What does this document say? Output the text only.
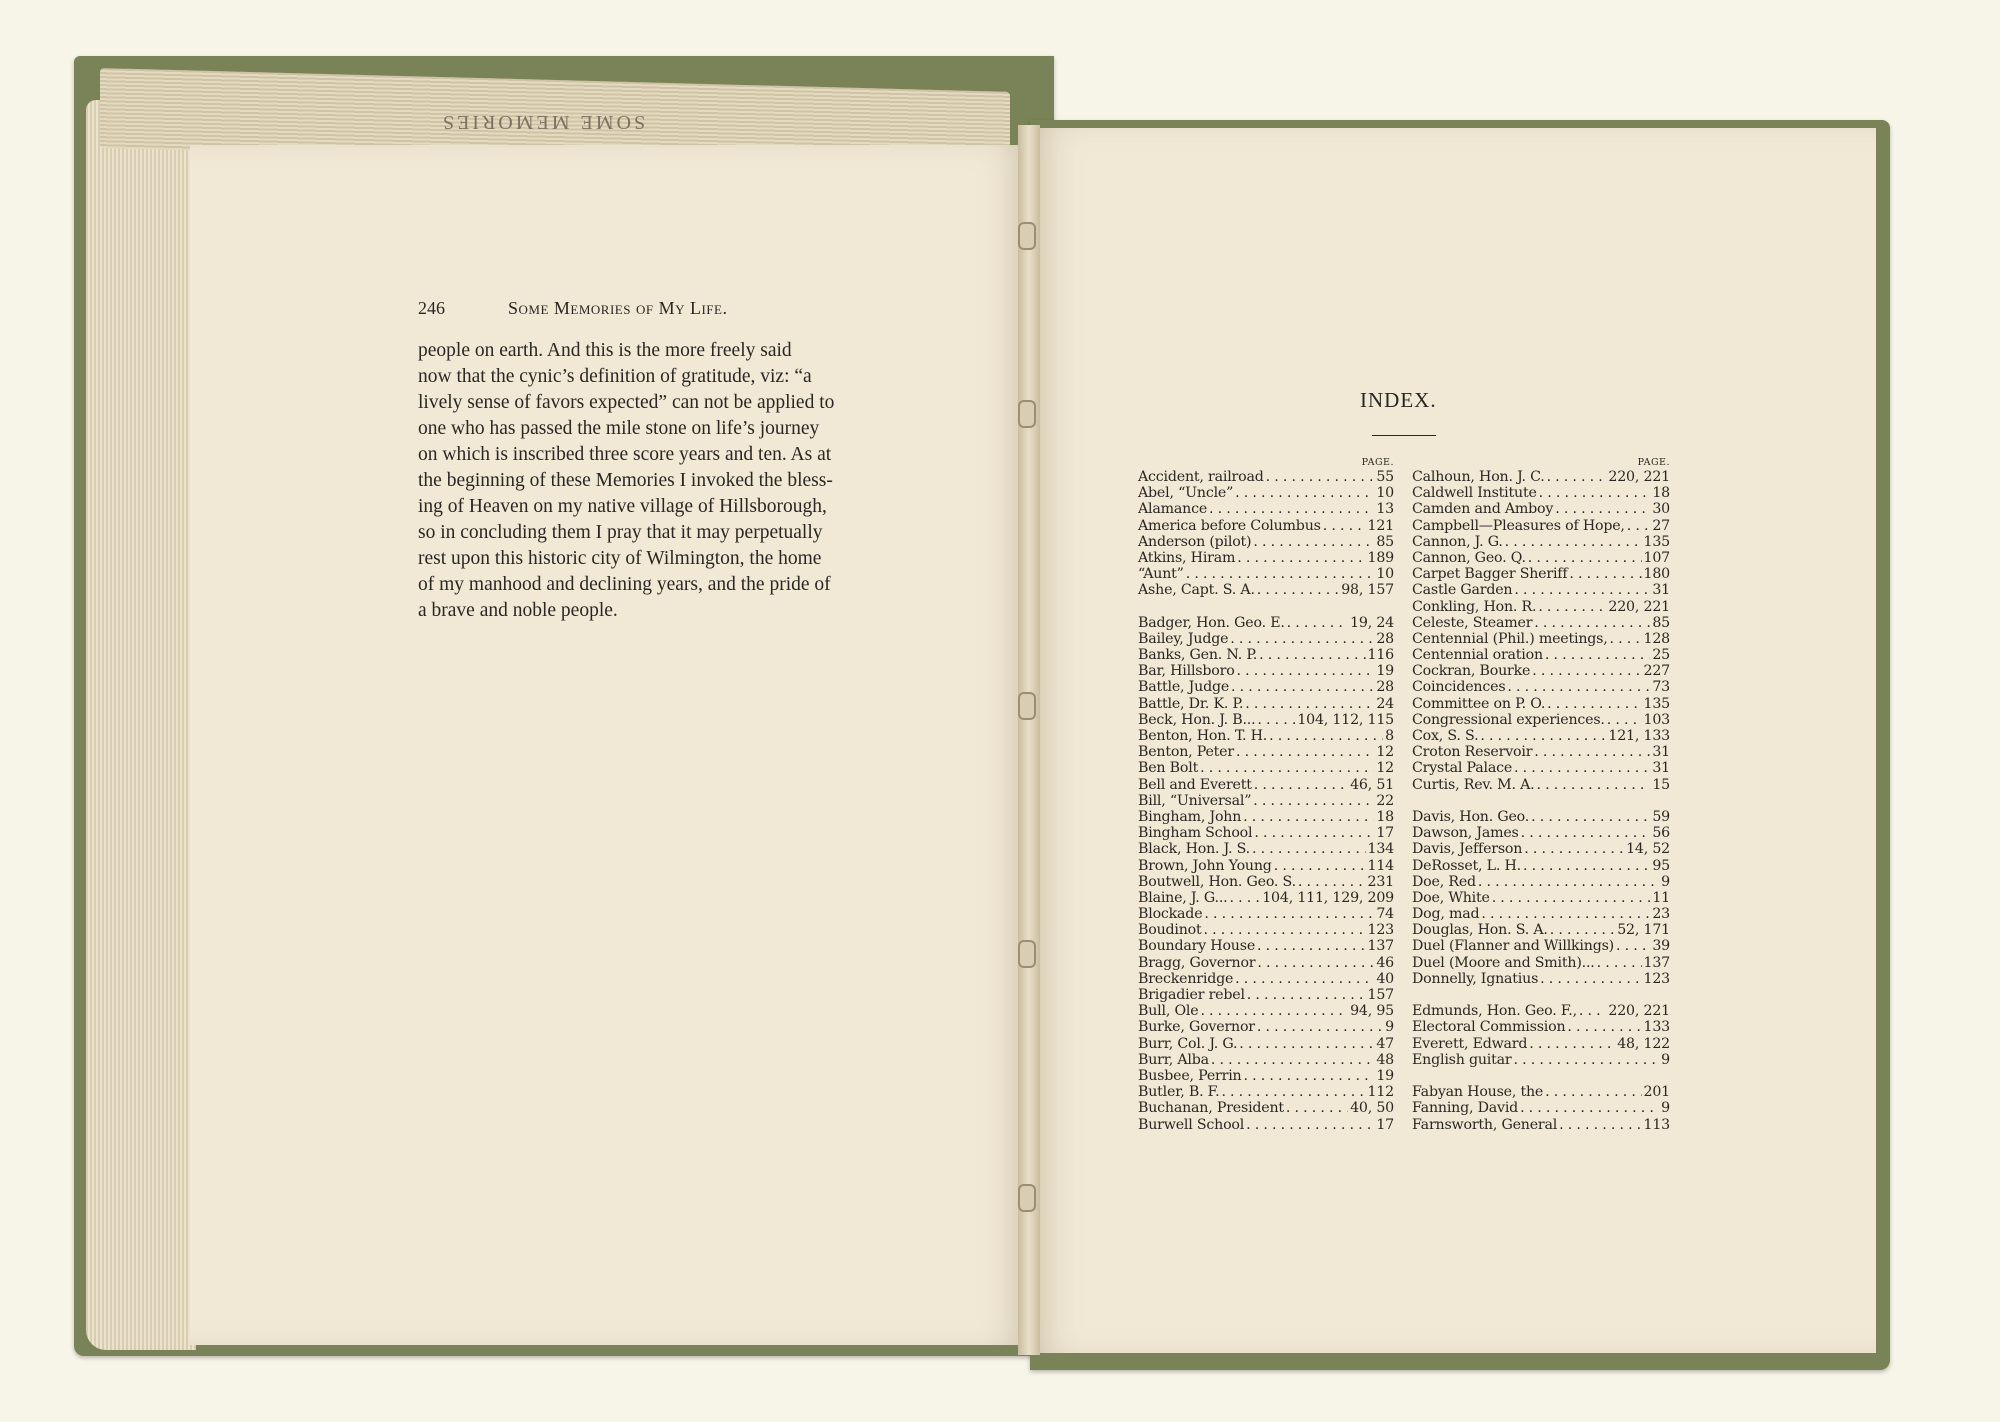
SOME MEMORIES
246	Some Memories of My Life.
people on earth. And this is the more freely said
now that the cynic’s definition of gratitude, viz: “a
lively sense of favors expected” can not be applied to
one who has passed the mile stone on life’s journey
on which is inscribed three score years and ten. As at
the beginning of these Memories I invoked the bless-
ing of Heaven on my native village of Hillsborough,
so in concluding them I pray that it may perpetually
rest upon this historic city of Wilmington, the home
of my manhood and declining years, and the pride of
a brave and noble people.
INDEX.
PAGE.
Accident, railroad . . .	55
Abel, “Uncle” . . .	10
Alamance . . .	13
America before Columbus . . .	121
Anderson (pilot) . . .	85
Atkins, Hiram . . .	189
“Aunt” . . .	10
Ashe, Capt. S. A. . . .	98, 157
Badger, Hon. Geo. E. . . .	19, 24
Bailey, Judge . . .	28
Banks, Gen. N. P. . . .	116
Bar, Hillsboro . . .	19
Battle, Judge . . .	28
Battle, Dr. K. P. . . .	24
Beck, Hon. J. B... . . .	104, 112, 115
Benton, Hon. T. H. . . .	8
Benton, Peter . . .	12
Ben Bolt . . .	12
Bell and Everett . . .	46, 51
Bill, “Universal” . . .	22
Bingham, John . . .	18
Bingham School . . .	17
Black, Hon. J. S. . . .	134
Brown, John Young . . .	114
Boutwell, Hon. Geo. S. . . .	231
Blaine, J. G... . . . 104, 111, 129, 209
Blockade . . .	74
Boudinot . . .	123
Boundary House . . .	137
Bragg, Governor . . .	46
Breckenridge . . .	40
Brigadier rebel . . .	157
Bull, Ole . . .	94, 95
Burke, Governor . . .	9
Burr, Col. J. G. . . .	47
Burr, Alba . . .	48
Busbee, Perrin . . .	19
Butler, B. F. . . .	112
Buchanan, President . . .	40, 50
Burwell School . . .	17
PAGE.
Calhoun, Hon. J. C. . . .	220, 221
Caldwell Institute . . .	18
Camden and Amboy . . .	30
Campbell—Pleasures of Hope, . . . 27
Cannon, J. G. . . .	135
Cannon, Geo. Q. . . .	107
Carpet Bagger Sheriff . . .	180
Castle Garden . . .	31
Conkling, Hon. R. . . .	220, 221
Celeste, Steamer . . .	85
Centennial (Phil.) meetings, . . .	128
Centennial oration . . .	25
Cockran, Bourke . . .	227
Coincidences . . .	73
Committee on P. O. . . .	135
Congressional experiences. . . .	103
Cox, S. S. . . .	121, 133
Croton Reservoir . . .	31
Crystal Palace . . .	31
Curtis, Rev. M. A. . . .	15
Davis, Hon. Geo. . . .	59
Dawson, James . . .	56
Davis, Jefferson . . .	14, 52
DeRosset, L. H. . . .	95
Doe, Red . . .	9
Doe, White . . .	11
Dog, mad . . .	23
Douglas, Hon. S. A. . . .	52, 171
Duel (Flanner and Willkings) . . .	39
Duel (Moore and Smith)... . . .	137
Donnelly, Ignatius . . .	123
Edmunds, Hon. Geo. F., . . . 220, 221
Electoral Commission . . .	133
Everett, Edward . . .	48, 122
English guitar . . .	9
Fabyan House, the . . .	201
Fanning, David . . .	9
Farnsworth, General . . .	113
